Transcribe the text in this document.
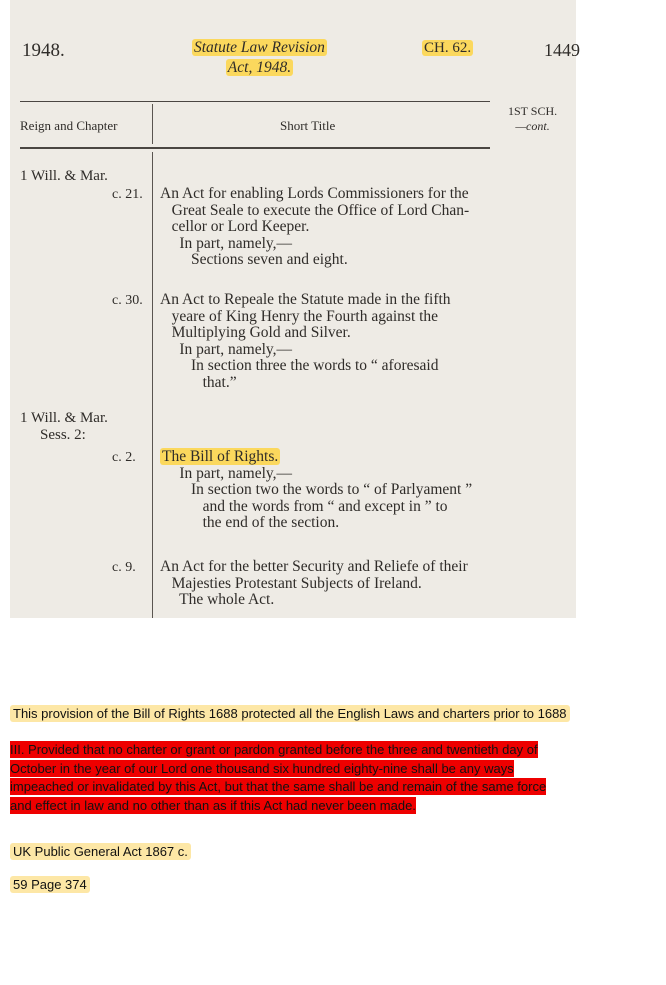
1948.	Statute Law Revision
Act, 1948.
CH. 62.	1449
Reign and Chapter	Short Title
1ST SCH.
—cont.
1 Will. & Mar.
c. 21. An Act for enabling Lords Commissioners for the
Great Seale to execute the Office of Lord Chan-
cellor or Lord Keeper.
In part, namely,—
Sections seven and eight.
c. 30. An Act to Repeale the Statute made in the fifth
yeare of King Henry the Fourth against the
Multiplying Gold and Silver.
In part, namely,—
In section three the words to “ aforesaid
that.”
1 Will. & Mar.
Sess. 2:
c. 2. The Bill of Rights.
In part, namely,—
In section two the words to “ of Parlyament ”
and the words from “ and except in ” to
the end of the section.
c. 9. An Act for the better Security and Reliefe of their
Majesties Protestant Subjects of Ireland.
The whole Act.
This provision of the Bill of Rights 1688 protected all the English Laws and charters prior to 1688
III. Provided that no charter or grant or pardon granted before the three and twentieth day of October in the year of our Lord one thousand six hundred eighty-nine shall be any ways impeached or invalidated by this Act, but that the same shall be and remain of the same force and effect in law and no other than as if this Act had never been made.
UK Public General Act 1867 c.
59 Page 374
